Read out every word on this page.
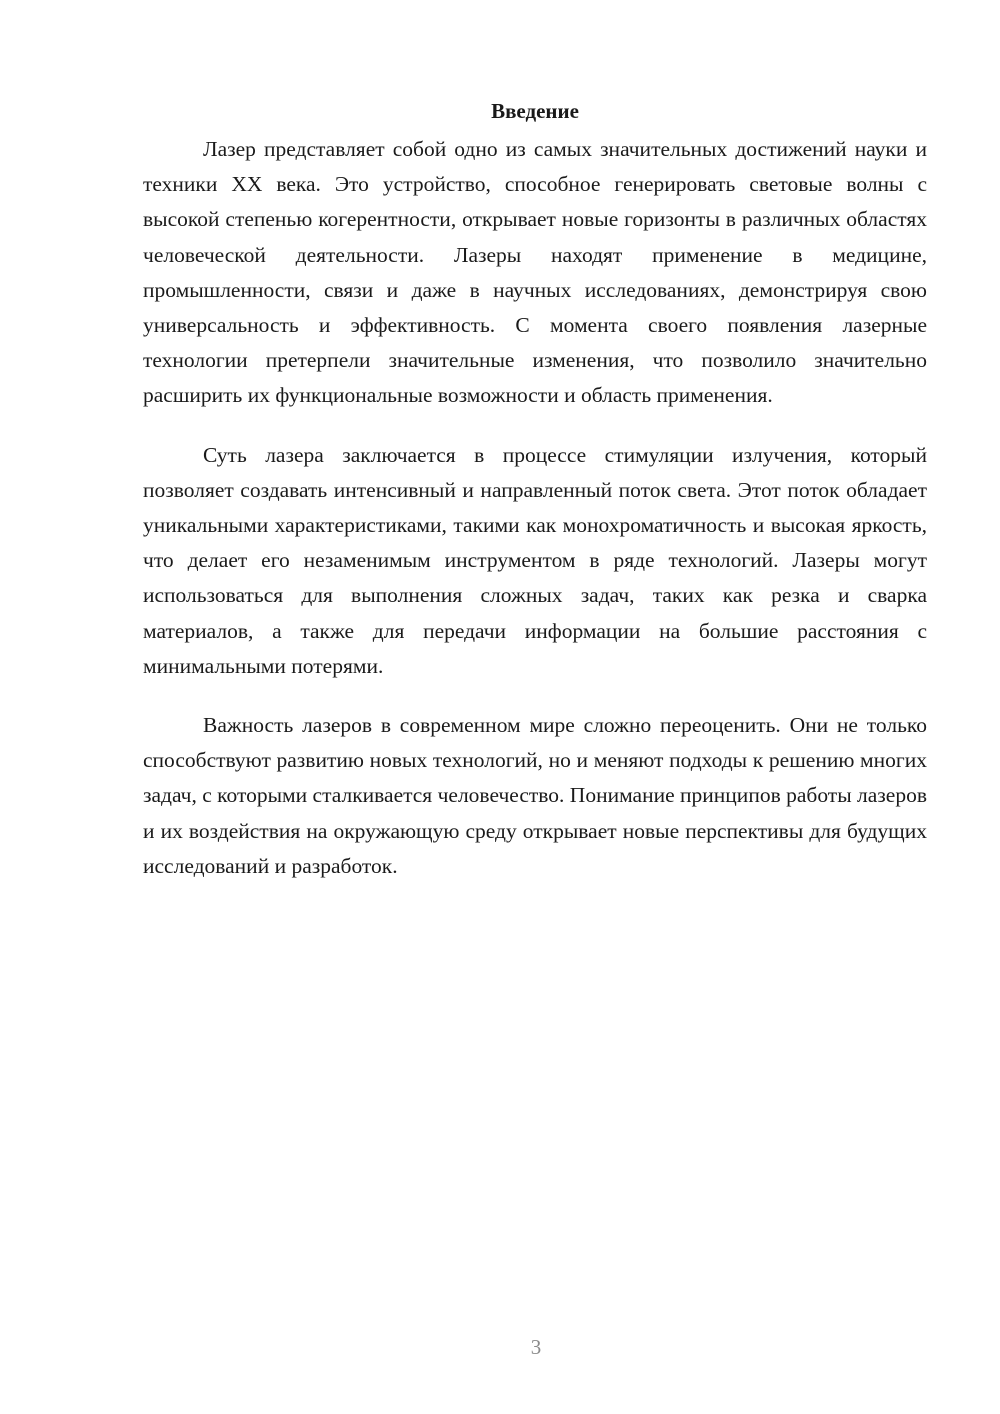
Введение

Лазер представляет собой одно из самых значительных достижений науки и техники XX века. Это устройство, способное генерировать световые волны с высокой степенью когерентности, открывает новые горизонты в различных областях человеческой деятельности. Лазеры находят применение в медицине, промышленности, связи и даже в научных исследованиях, демонстрируя свою универсальность и эффективность. С момента своего появления лазерные технологии претерпели значительные изменения, что позволило значительно расширить их функциональные возможности и область применения.

Суть лазера заключается в процессе стимуляции излучения, который позволяет создавать интенсивный и направленный поток света. Этот поток обладает уникальными характеристиками, такими как монохроматичность и высокая яркость, что делает его незаменимым инструментом в ряде технологий. Лазеры могут использоваться для выполнения сложных задач, таких как резка и сварка материалов, а также для передачи информации на большие расстояния с минимальными потерями.

Важность лазеров в современном мире сложно переоценить. Они не только способствуют развитию новых технологий, но и меняют подходы к решению многих задач, с которыми сталкивается человечество. Понимание принципов работы лазеров и их воздействия на окружающую среду открывает новые перспективы для будущих исследований и разработок.

3
